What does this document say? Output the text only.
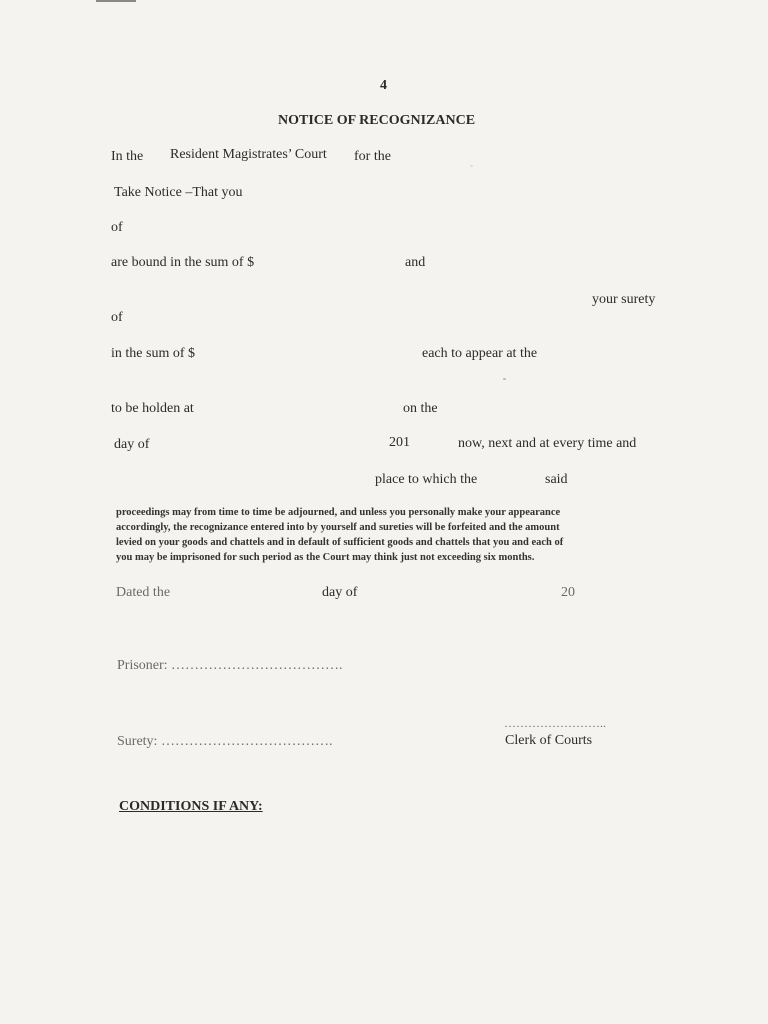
4
NOTICE OF RECOGNIZANCE
In the Resident Magistrates’ Court for the
Take Notice –That you
of
are bound in the sum of $	and
your surety
of
in the sum of $	each to appear at the
to be holden at	on the
day of	201	now, next and at every time and
place to which the	said
proceedings may from time to time be adjourned, and unless you personally make your appearance
accordingly, the recognizance entered into by yourself and sureties will be forfeited and the amount
levied on your goods and chattels and in default of sufficient goods and chattels that you and each of
you may be imprisoned for such period as the Court may think just not exceeding six months.
Dated the	day of	20
Prisoner: ……………………………….
……………………..
Surety: ……………………………….	Clerk of Courts
CONDITIONS IF ANY:
